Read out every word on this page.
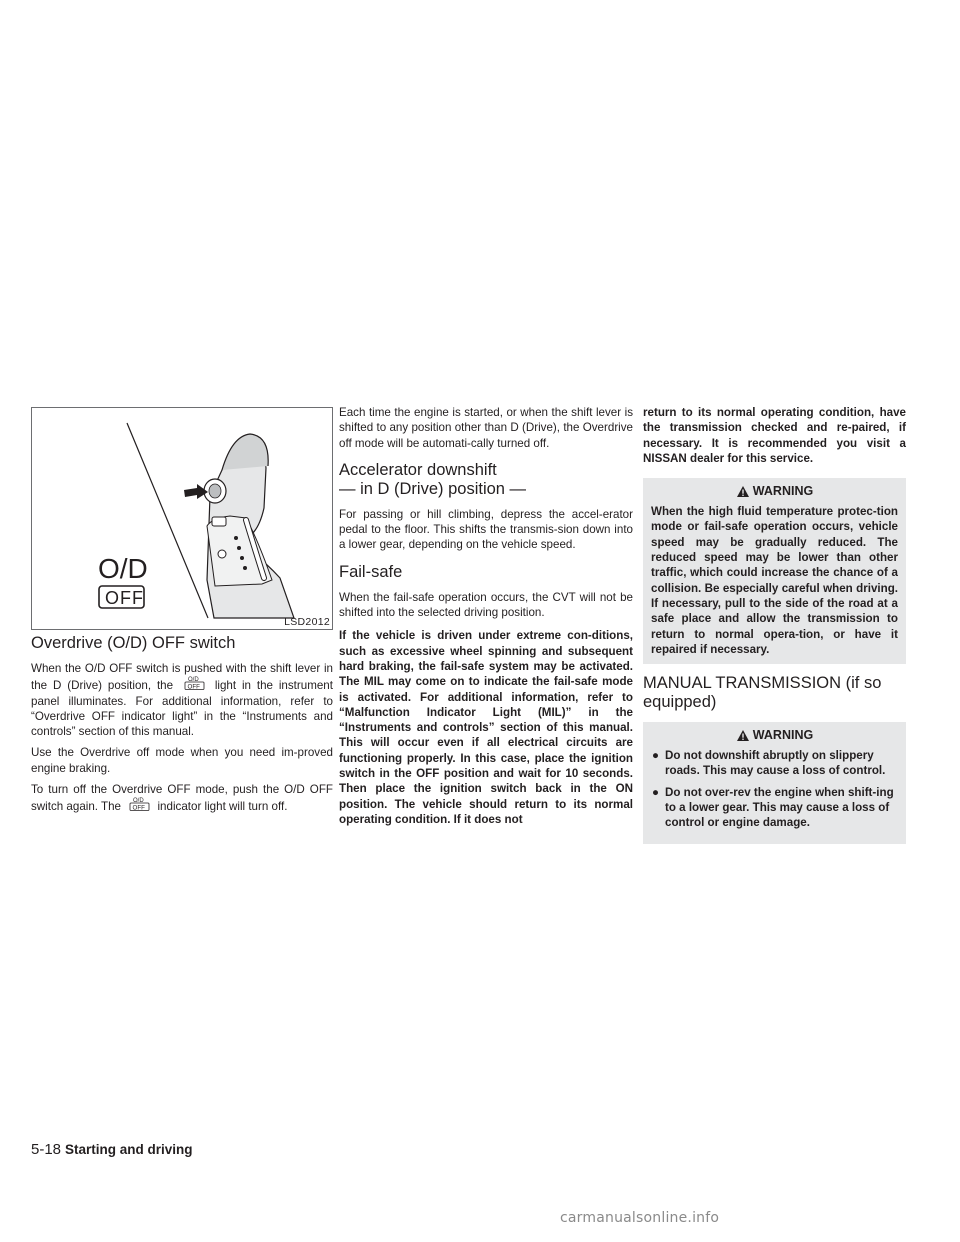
O/D
OFF
LSD2012
Overdrive (O/D) OFF switch

When the O/D OFF switch is pushed with the shift lever in the D (Drive) position, the O/D
OFF light in the instrument panel illuminates. For additional information, refer to “Overdrive OFF indicator light” in the “Instruments and controls” section of this manual.

Use the Overdrive off mode when you need im-proved engine braking.

To turn off the Overdrive OFF mode, push the O/D OFF switch again. The O/D
OFF indicator light will turn off.

Each time the engine is started, or when the shift lever is shifted to any position other than D (Drive), the Overdrive off mode will be automati-cally turned off.

Accelerator downshift
— in D (Drive) position —

For passing or hill climbing, depress the accel-erator pedal to the floor. This shifts the transmis-sion down into a lower gear, depending on the vehicle speed.

Fail-safe

When the fail-safe operation occurs, the CVT will not be shifted into the selected driving position.

If the vehicle is driven under extreme con-ditions, such as excessive wheel spinning and subsequent hard braking, the fail-safe system may be activated. The MIL may come on to indicate the fail-safe mode is activated. For additional information, refer to “Malfunction Indicator Light (MIL)” in the “Instruments and controls” section of this manual. This will occur even if all electrical circuits are functioning properly. In this case, place the ignition switch in the OFF position and wait for 10 seconds. Then place the ignition switch back in the ON position. The vehicle should return to its normal operating condition. If it does not

return to its normal operating condition, have the transmission checked and re-paired, if necessary. It is recommended you visit a NISSAN dealer for this service.

WARNING

When the high fluid temperature protec-tion mode or fail-safe operation occurs, vehicle speed may be gradually reduced. The reduced speed may be lower than other traffic, which could increase the chance of a collision. Be especially careful when driving. If necessary, pull to the side of the road at a safe place and allow the transmission to return to normal opera-tion, or have it repaired if necessary.

MANUAL TRANSMISSION (if so
equipped)
WARNING
● Do not downshift abruptly on slippery roads. This may cause a loss of control.
● Do not over-rev the engine when shift-ing to a lower gear. This may cause a loss of control or engine damage.
5-18 Starting and driving
carmanualsonline.info
